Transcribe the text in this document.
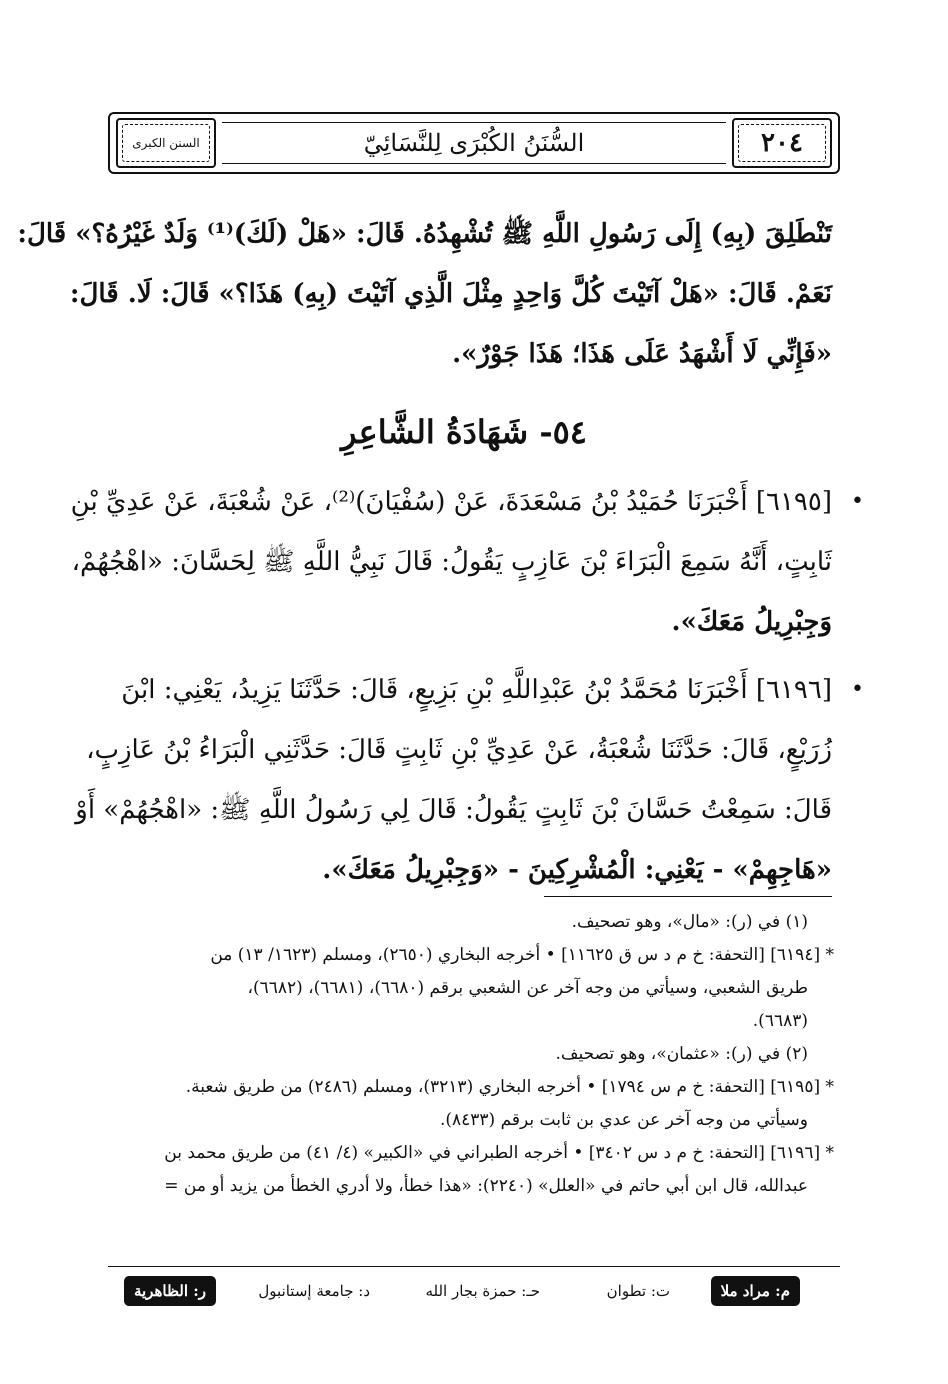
٢٠٤
السنن الكبرى	السُّنَنُ الكُبْرَى لِلنَّسَائِيّ
تَنْطَلِقَ (بِهِ) إِلَى رَسُولِ اللَّهِ ﷺ تُشْهِدُهُ. قَالَ: «هَلْ (لَكَ)⁽¹⁾ وَلَدٌ غَيْرُهُ؟» قَالَ:
نَعَمْ. قَالَ: «هَلْ آتَيْتَ كُلَّ وَاحِدٍ مِثْلَ الَّذِي آتَيْتَ (بِهِ) هَذَا؟» قَالَ: لَا. قَالَ:
«فَإِنِّي لَا أَشْهَدُ عَلَى هَذَا؛ هَذَا جَوْرٌ».
٥٤- شَهَادَةُ الشَّاعِرِ
•
[٦١٩٥] أَخْبَرَنَا حُمَيْدُ بْنُ مَسْعَدَةَ، عَنْ (سُفْيَانَ)⁽²⁾، عَنْ شُعْبَةَ، عَنْ عَدِيِّ بْنِ
ثَابِتٍ، أَنَّهُ سَمِعَ الْبَرَاءَ بْنَ عَازِبٍ يَقُولُ: قَالَ نَبِيُّ اللَّهِ ﷺ لِحَسَّانَ: «اهْجُهُمْ،
وَجِبْرِيلُ مَعَكَ».
•
[٦١٩٦] أَخْبَرَنَا مُحَمَّدُ بْنُ عَبْدِاللَّهِ بْنِ بَزِيعٍ، قَالَ: حَدَّثَنَا يَزِيدُ، يَعْنِي: ابْنَ
زُرَيْعٍ، قَالَ: حَدَّثَنَا شُعْبَةُ، عَنْ عَدِيِّ بْنِ ثَابِتٍ قَالَ: حَدَّثَنِي الْبَرَاءُ بْنُ عَازِبٍ،
قَالَ: سَمِعْتُ حَسَّانَ بْنَ ثَابِتٍ يَقُولُ: قَالَ لِي رَسُولُ اللَّهِ ﷺ: «اهْجُهُمْ» أَوْ
«هَاجِهِمْ» - يَعْنِي: الْمُشْرِكِينَ - «وَجِبْرِيلُ مَعَكَ».
(١) في (ر): «مال»، وهو تصحيف.
* [٦١٩٤] [التحفة: خ م د س ق ١١٦٢٥] • أخرجه البخاري (٢٦٥٠)، ومسلم (١٦٢٣/ ١٣) من
طريق الشعبي، وسيأتي من وجه آخر عن الشعبي برقم (٦٦٨٠)، (٦٦٨١)، (٦٦٨٢)،
(٦٦٨٣).
(٢) في (ر): «عثمان»، وهو تصحيف.
* [٦١٩٥] [التحفة: خ م س ١٧٩٤] • أخرجه البخاري (٣٢١٣)، ومسلم (٢٤٨٦) من طريق شعبة.
وسيأتي من وجه آخر عن عدي بن ثابت برقم (٨٤٣٣).
* [٦١٩٦] [التحفة: خ م د س ٣٤٠٢] • أخرجه الطبراني في «الكبير» (٤/ ٤١) من طريق محمد بن
عبدالله، قال ابن أبي حاتم في «العلل» (٢٢٤٠): «هذا خطأ، ولا أدري الخطأ من يزيد أو من =
م: مراد ملا
ت: تطوان
حـ: حمزة بجار الله
د: جامعة إستانبول
ر: الظاهرية
